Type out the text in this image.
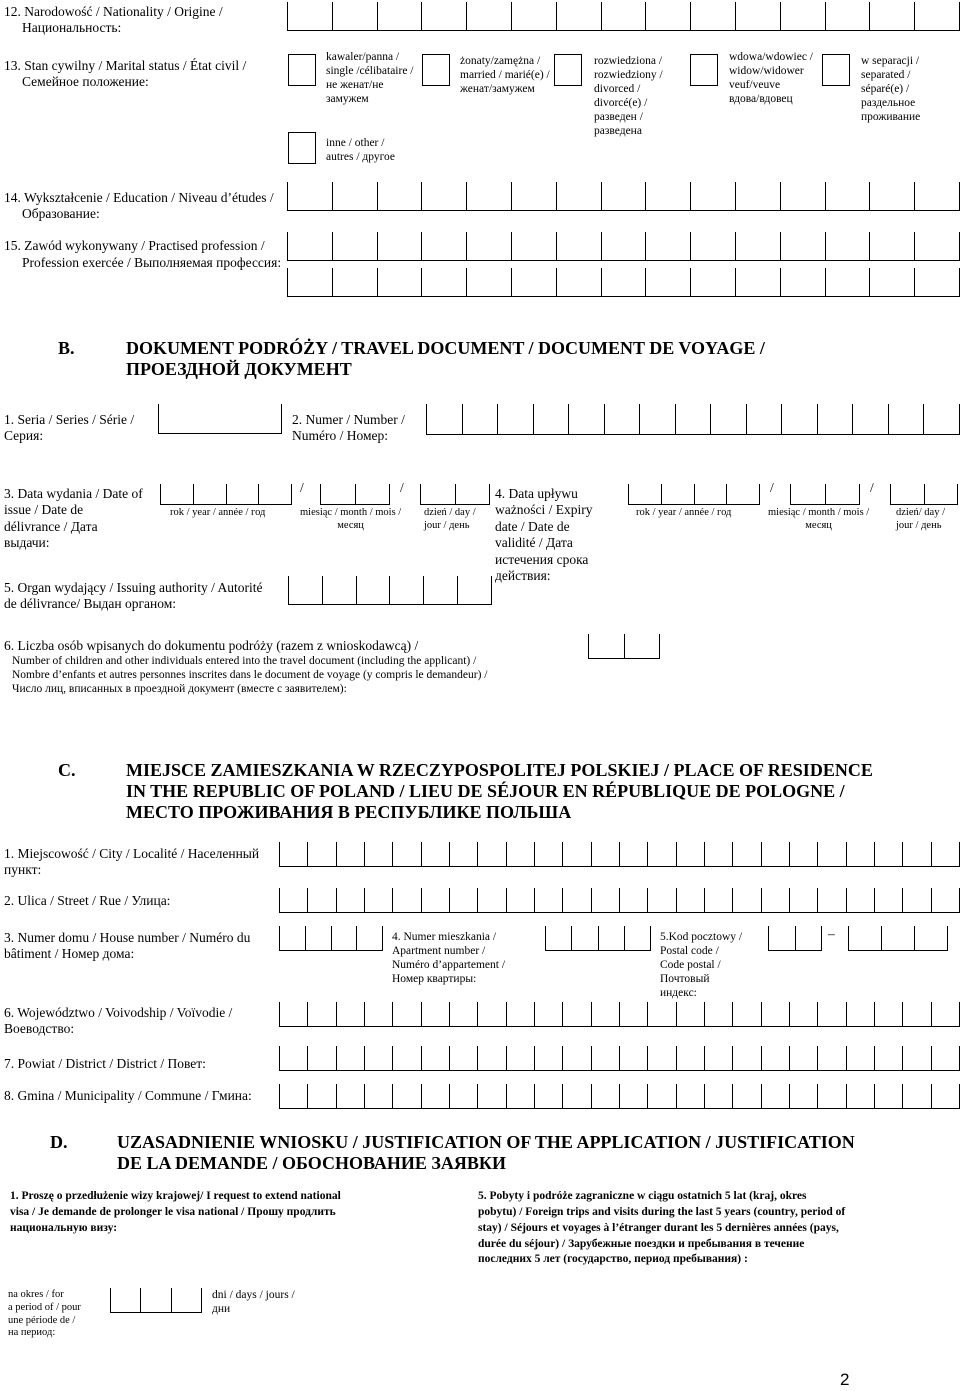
12. Narodowość / Nationality / Origine /
Национальность:
13. Stan cywilny / Marital status / État civil /
Семейное положение:
kawaler/panna /
single /célibataire /
не женат/не
замужем
żonaty/zamężna /
married / marié(e) /
женат/замужем
rozwiedziona /
rozwiedziony /
divorced /
divorcé(e) /
разведен /
разведена
wdowa/wdowiec /
widow/widower
veuf/veuve
вдова/вдовец
w separacji /
separated /
séparé(e) /
раздельное
проживание
inne / other /
autres / другое
14. Wykształcenie / Education / Niveau d’études /
Образование:
15. Zawód wykonywany / Practised profession /
Profession exercée / Выполняемая профессия:
B.	DOKUMENT PODRÓŻY / TRAVEL DOCUMENT / DOCUMENT DE VOYAGE /
ПРОЕЗДНОЙ ДОКУМЕНТ
1. Seria / Series / Série /
Серия:
2. Numer / Number /
Numéro / Номер:
3. Data wydania / Date of
issue / Date de
délivrance / Дата
выдачи:
/	/
rok / year / année / год	miesiąc / month / mois /
месяц
dzień / day /
jour / день
4. Data upływu
ważności / Expiry
date / Date de
validité / Дата
истечения срока
действия:
/	/
rok / year / année / год	miesiąc / month / mois /
месяц
dzień/ day /
jour / день
5. Organ wydający / Issuing authority / Autorité
de délivrance/ Выдан органом:
6. Liczba osób wpisanych do dokumentu podróży (razem z wnioskodawcą) /
Number of children and other individuals entered into the travel document (including the applicant) /
Nombre d’enfants et autres personnes inscrites dans le document de voyage (y compris le demandeur) /
Число лиц, вписанных в проездной документ (вместе с заявителем):
C.	MIEJSCE ZAMIESZKANIA W RZECZYPOSPOLITEJ POLSKIEJ / PLACE OF RESIDENCE
IN THE REPUBLIC OF POLAND / LIEU DE SÉJOUR EN RÉPUBLIQUE DE POLOGNE /
МЕСТО ПРОЖИВАНИЯ В РЕСПУБЛИКЕ ПОЛЬША
1. Miejscowość / City / Localité / Населенный
пункт:
2. Ulica / Street / Rue / Улица:
3. Numer domu / House number / Numéro du
bâtiment / Номер дома:
4. Numer mieszkania /
Apartment number /
Numéro d’appartement /
Номер квартиры:
5.Kod pocztowy /
Postal code /
Code postal /
Почтовый
индекс:
–
6. Województwo / Voivodship / Voïvodie /
Воеводство:
7. Powiat / District / District / Повет:
8. Gmina / Municipality / Commune / Гмина:
D.	UZASADNIENIE WNIOSKU / JUSTIFICATION OF THE APPLICATION / JUSTIFICATION
DE LA DEMANDE / ОБОСНОВАНИЕ ЗАЯВКИ
1. Proszę o przedłużenie wizy krajowej/ I request to extend national
visa / Je demande de prolonger le visa national / Прошу продлить
национальную визу:
5. Pobyty i podróże zagraniczne w ciągu ostatnich 5 lat (kraj, okres
pobytu) / Foreign trips and visits during the last 5 years (country, period of
stay) / Séjours et voyages à l’étranger durant les 5 dernières années (pays,
durée du séjour) / Зарубежные поездки и пребывания в течение
последних 5 лет (государство, период пребывания) :
na okres / for
a period of / pour
une période de /
на период:
dni / days / jours /
дни
2
